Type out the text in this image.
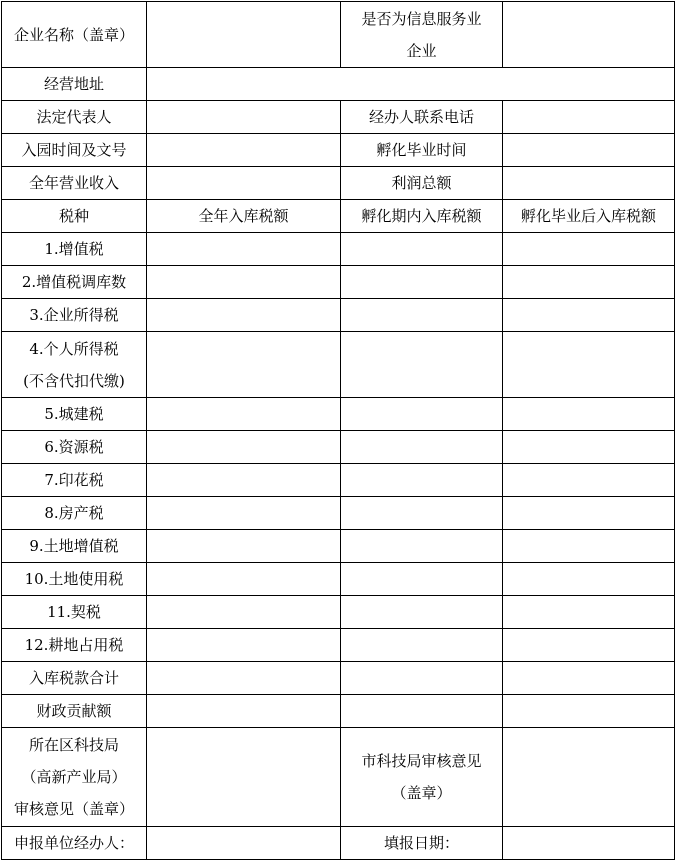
企业名称（盖章）		是否为信息服务业
企业	

经营地址			
法定代表人		经办人联系电话	
入园时间及文号		孵化毕业时间	
全年营业收入		利润总额	
税种	全年入库税额	孵化期内入库税额	孵化毕业后入库税额
1.增值税			
2.增值税调库数			
3.企业所得税			

4.个人所得税
(不含代扣代缴)			

5.城建税			
6.资源税			
7.印花税			
8.房产税			
9.土地增值税			
10.土地使用税			
11.契税			
12.耕地占用税			
入库税款合计			
财政贡献额			

所在区科技局
（高新产业局）
审核意见（盖章）		市科技局审核意见
（盖章）	

申报单位经办人：		填报日期：	
